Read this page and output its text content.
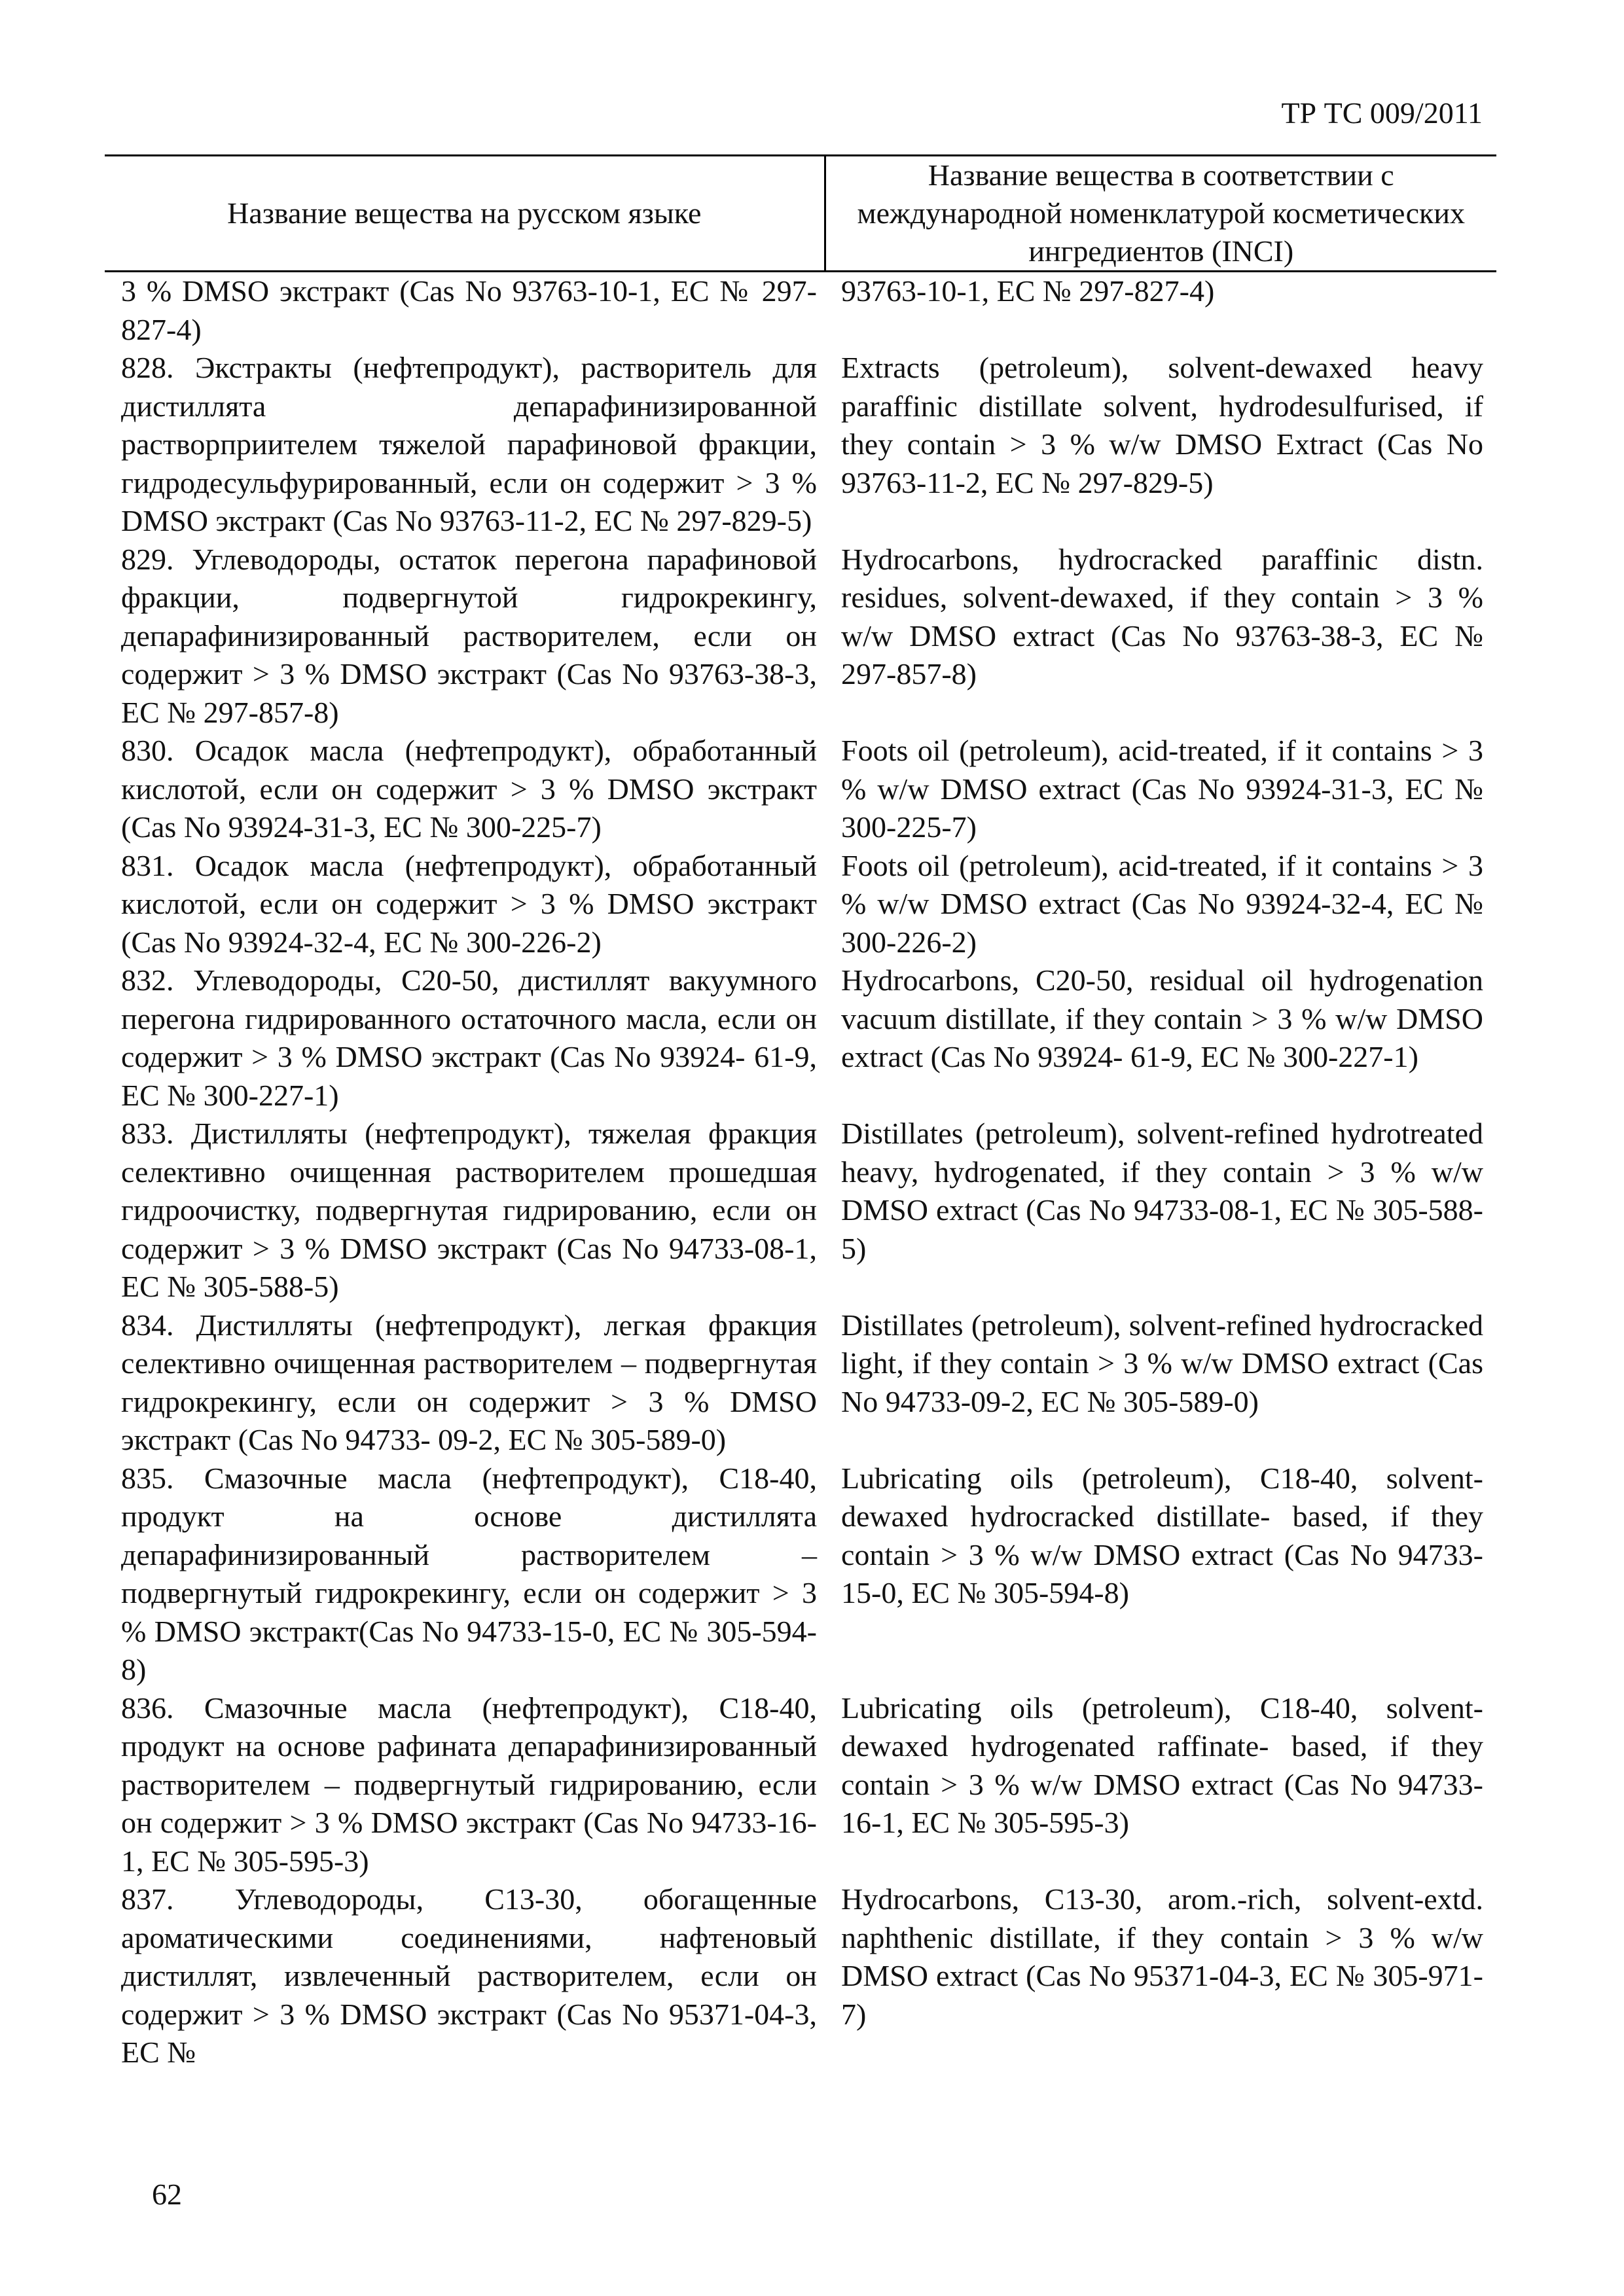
ТР ТС 009/2011
Название вещества на русском языке	Название вещества в соответствии с международной номенклатурой косметических ингредиентов (INCI)
3 % DMSO экстракт (Cas No 93763-10-1, EC № 297-827-4)	93763-10-1, EC № 297-827-4)
828. Экстракты (нефтепродукт), растворитель для дистиллята депарафинизированной растворприителем тяжелой парафиновой фракции, гидродесульфурированный, если он содержит > 3 % DMSO экстракт (Cas No 93763-11-2, EC № 297-829-5)	Extracts (petroleum), solvent-dewaxed heavy paraffinic distillate solvent, hydrodesulfurised, if they contain > 3 % w/w DMSO Extract (Cas No 93763-11-2, EC № 297-829-5)
829. Углеводороды, остаток перегона парафиновой фракции, подвергнутой гидрокрекингу, депарафинизированный растворителем, если он содержит > 3 % DMSO экстракт (Cas No 93763-38-3, EC № 297-857-8)	Hydrocarbons, hydrocracked paraffinic distn. residues, solvent-dewaxed, if they contain > 3 % w/w DMSO extract (Cas No 93763-38-3, EC № 297-857-8)
830. Осадок масла (нефтепродукт), обработанный кислотой, если он содержит > 3 % DMSO экстракт (Cas No 93924-31-3, EC № 300-225-7)	Foots oil (petroleum), acid-treated, if it contains > 3 % w/w DMSO extract (Cas No 93924-31-3, EC № 300-225-7)
831. Осадок масла (нефтепродукт), обработанный кислотой, если он содержит > 3 % DMSO экстракт (Cas No 93924-32-4, EC № 300-226-2)	Foots oil (petroleum), acid-treated, if it contains > 3 % w/w DMSO extract (Cas No 93924-32-4, EC № 300-226-2)
832. Углеводороды, C20-50, дистиллят вакуумного перегона гидрированного остаточного масла, если он содержит > 3 % DMSO экстракт (Cas No 93924- 61-9, EC № 300-227-1)	Hydrocarbons, C20-50, residual oil hydrogenation vacuum distillate, if they contain > 3 % w/w DMSO extract (Cas No 93924- 61-9, EC № 300-227-1)
833. Дистилляты (нефтепродукт), тяжелая фракция селективно очищенная растворителем прошедшая гидроочистку, подвергнутая гидрированию, если он содержит > 3 % DMSO экстракт (Cas No 94733-08-1, EC № 305-588-5)	Distillates (petroleum), solvent-refined hydrotreated heavy, hydrogenated, if they contain > 3 % w/w DMSO extract (Cas No 94733-08-1, EC № 305-588-5)
834. Дистилляты (нефтепродукт), легкая фракция селективно очищенная растворителем – подвергнутая гидрокрекингу, если он содержит > 3 % DMSO экстракт (Cas No 94733- 09-2, EC № 305-589-0)	Distillates (petroleum), solvent-refined hydrocracked light, if they contain > 3 % w/w DMSO extract (Cas No 94733-09-2, EC № 305-589-0)
835. Смазочные масла (нефтепродукт), C18-40, продукт на основе дистиллята депарафинизированный растворителем – подвергнутый гидрокрекингу, если он содержит > 3 % DMSO экстракт(Cas No 94733-15-0, EC № 305-594-8)	Lubricating oils (petroleum), C18-40, solvent-dewaxed hydrocracked distillate- based, if they contain > 3 % w/w DMSO extract (Cas No 94733-15-0, EC № 305-594-8)
836. Смазочные масла (нефтепродукт), C18-40, продукт на основе рафината депарафинизированный растворителем – подвергнутый гидрированию, если он содержит > 3 % DMSO экстракт (Cas No 94733-16-1, EC № 305-595-3)	Lubricating oils (petroleum), C18-40, solvent-dewaxed hydrogenated raffinate- based, if they contain > 3 % w/w DMSO extract (Cas No 94733-16-1, EC № 305-595-3)
837. Углеводороды, C13-30, обогащенные ароматическими соединениями, нафтеновый дистиллят, извлеченный растворителем, если он содержит > 3 % DMSO экстракт (Cas No 95371-04-3, EC №	Hydrocarbons, C13-30, arom.-rich, solvent-extd. naphthenic distillate, if they contain > 3 % w/w DMSO extract (Cas No 95371-04-3, EC № 305-971-7)
62
